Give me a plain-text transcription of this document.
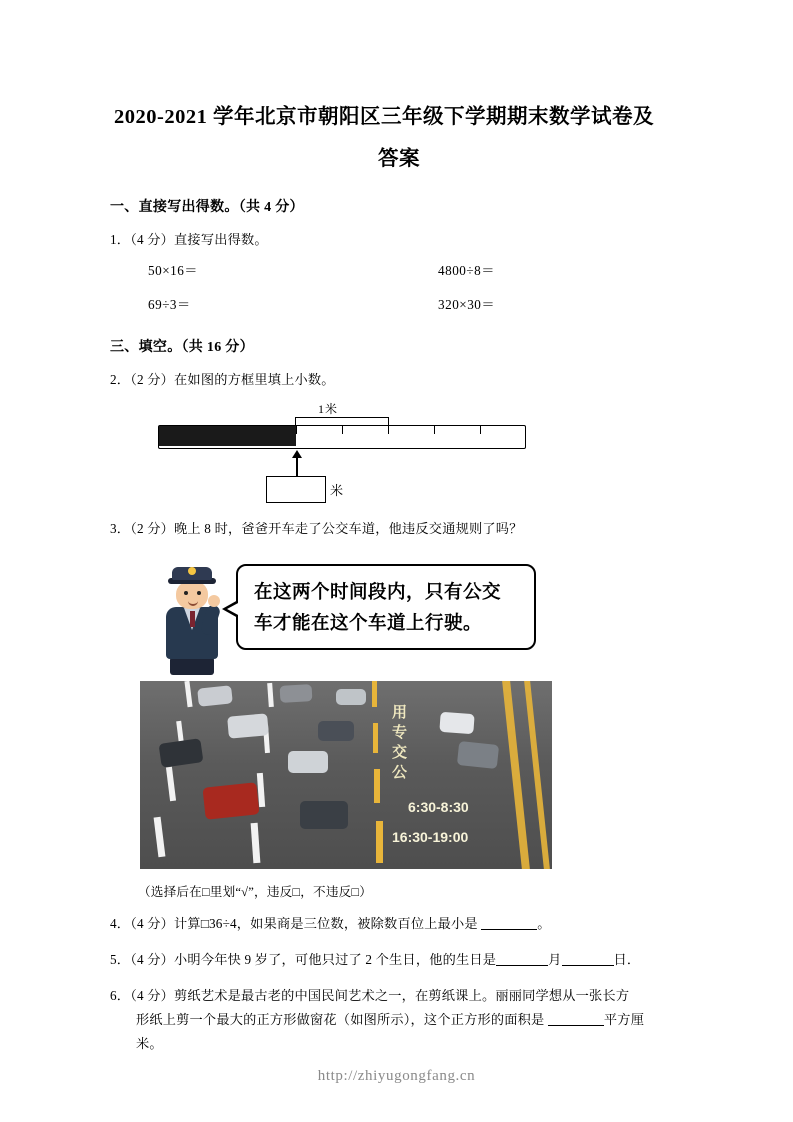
2020-2021 学年北京市朝阳区三年级下学期期末数学试卷及
答案
一、直接写出得数。（共 4 分）
1．（4 分）直接写出得数。
50×16＝	4800÷8＝
69÷3＝	320×30＝
三、填空。（共 16 分）
2．（2 分）在如图的方框里填上小数。
1米
米
3．（2 分）晚上 8 时，爸爸开车走了公交车道，他违反交通规则了吗？
在这两个时间段内，只有公交
车才能在这个车道上行驶。
用
专
交
公
6:30-8:30
16:30-19:00
（选择后在□里划“√”，违反□，不违反□）
4．（4 分）计算□36÷4，如果商是三位数，被除数百位上最小是	。
5．（4 分）小明今年快 9 岁了，可他只过了 2 个生日，他的生日是	月	日．
6．（4 分）剪纸艺术是最古老的中国民间艺术之一，在剪纸课上。丽丽同学想从一张长方
形纸上剪一个最大的正方形做窗花（如图所示），这个正方形的面积是	平方厘
米。
http://zhiyugongfang.cn
